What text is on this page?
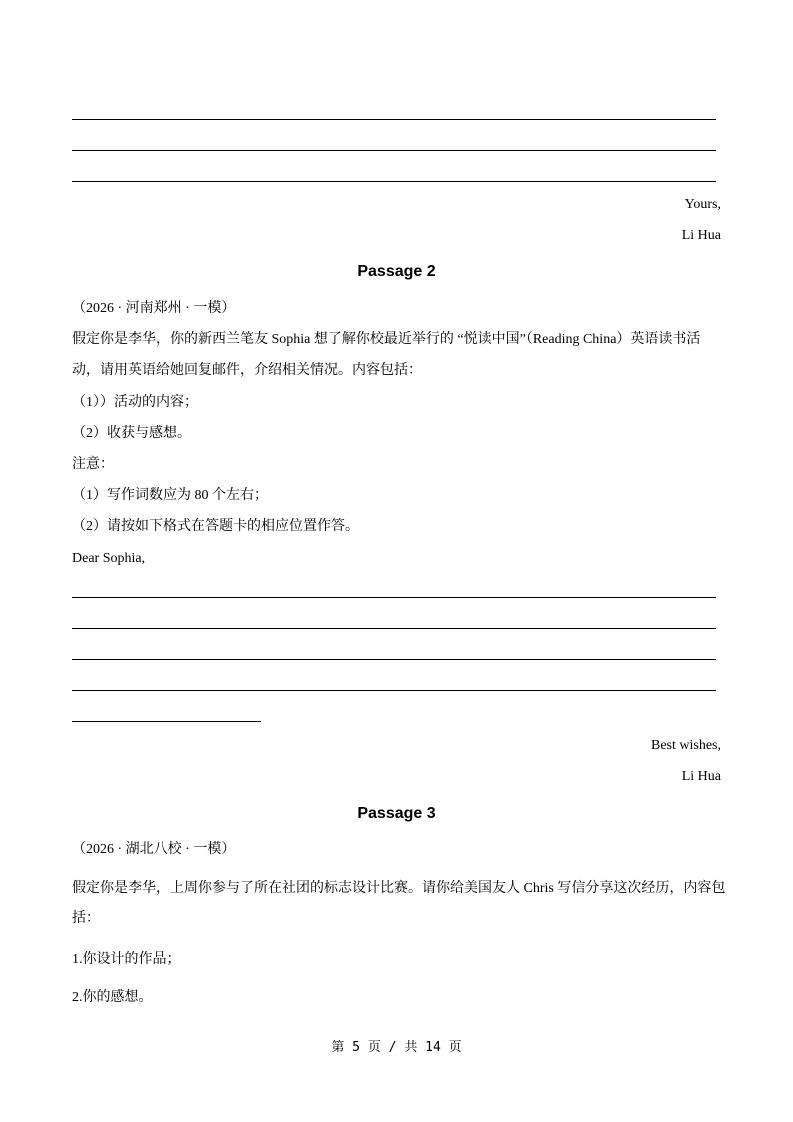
Yours,
Li Hua
Passage 2
（2026 · 河南郑州 · 一模）
假定你是李华，你的新西兰笔友 Sophia 想了解你校最近举行的 “悦读中国”（Reading China）英语读书活
动，请用英语给她回复邮件，介绍相关情况。内容包括：
（1））活动的内容；
（2）收获与感想。
注意：
（1）写作词数应为 80 个左右；
（2）请按如下格式在答题卡的相应位置作答。
Dear Sophia,
Best wishes,
Li Hua
Passage 3
（2026 · 湖北八校 · 一模）
假定你是李华，上周你参与了所在社团的标志设计比赛。请你给美国友人 Chris 写信分享这次经历，内容包
括：
1.你设计的作品；
2.你的感想。
第 5 页 / 共 14 页
